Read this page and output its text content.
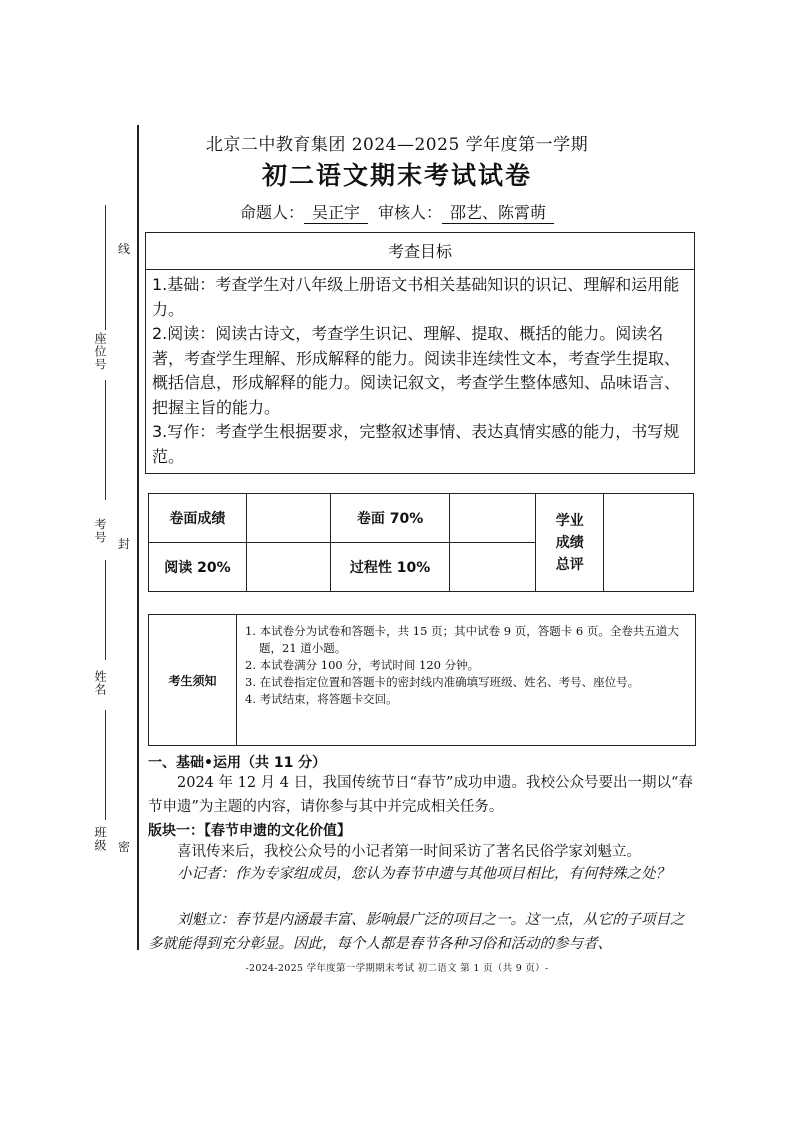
线
座位号
考号 封
姓名
班级 密
北京二中教育集团 2024—2025 学年度第一学期
初二语文期末考试试卷
命题人： 吴正宇 审核人： 邵艺、陈霄萌
考查目标

1.基础：考查学生对八年级上册语文书相关基础知识的识记、理解和运用能力。

2.阅读：阅读古诗文，考查学生识记、理解、提取、概括的能力。阅读名著，考查学生理解、形成解释的能力。阅读非连续性文本，考查学生提取、概括信息，形成解释的能力。阅读记叙文，考查学生整体感知、品味语言、把握主旨的能力。

3.写作：考查学生根据要求，完整叙述事情、表达真情实感的能力，书写规范。

卷面成绩		卷面 70%		学业
成绩
总评	
阅读 20%		过程性 10%			
考生须知

1. 本试卷分为试卷和答题卡，共 15 页；其中试卷 9 页，答题卡 6 页。全卷共五道大题，21 道小题。

2. 本试卷满分 100 分，考试时间 120 分钟。

3. 在试卷指定位置和答题卡的密封线内准确填写班级、姓名、考号、座位号。

4. 考试结束，将答题卡交回。

一、基础•运用（共 11 分）
2024 年 12 月 4 日，我国传统节日“春节”成功申遗。我校公众号要出一期以“春节申遗”为主题的内容，请你参与其中并完成相关任务。
版块一：【春节申遗的文化价值】
喜讯传来后，我校公众号的小记者第一时间采访了著名民俗学家刘魁立。
小记者：作为专家组成员，您认为春节申遗与其他项目相比，有何特殊之处？
刘魁立：春节是内涵最丰富、影响最广泛的项目之一。这一点，从它的子项目之多就能得到充分彰显。因此，每个人都是春节各种习俗和活动的参与者、
-2024-2025 学年度第一学期期末考试 初二语文 第 1 页（共 9 页）-
